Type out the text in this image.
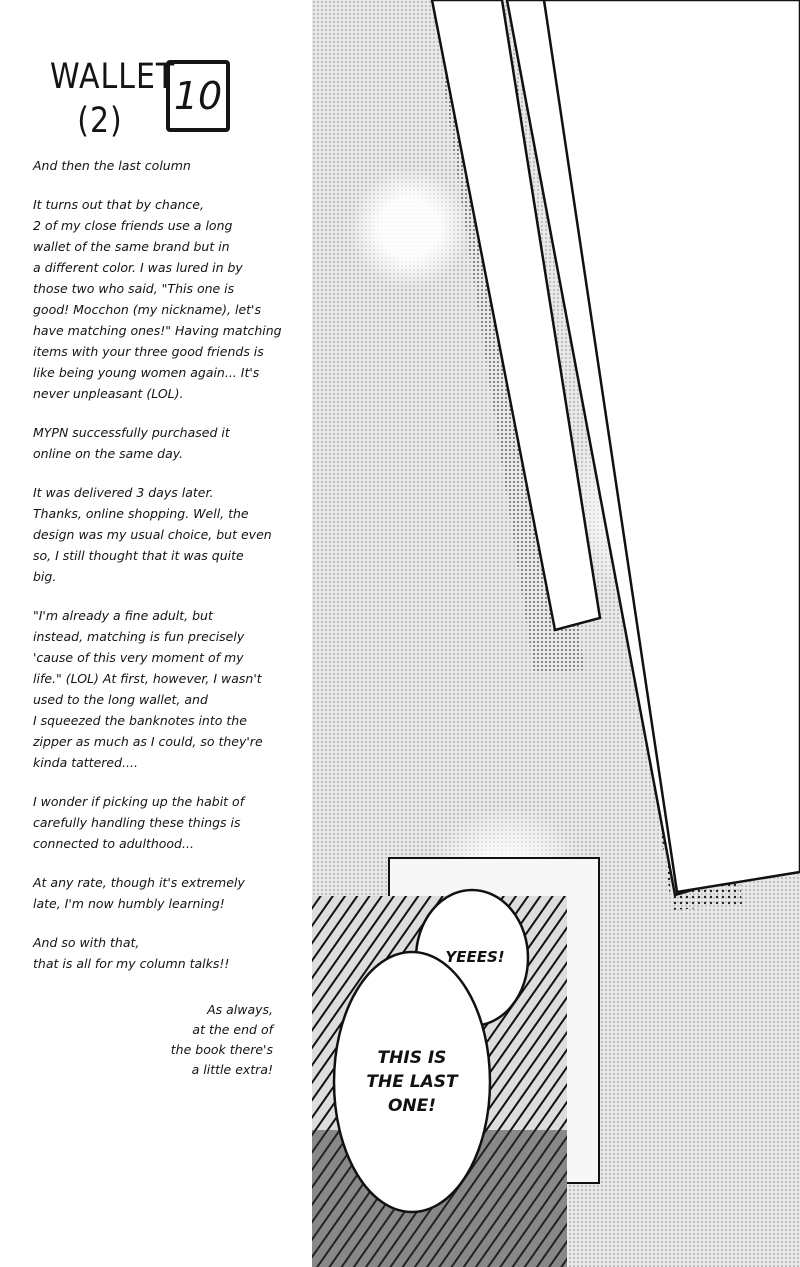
WALLET
(2)
10

And then the last column

It turns out that by chance,
2 of my close friends use a long
wallet of the same brand but in
a different color. I was lured in by
those two who said, "This one is
good! Mocchon (my nickname), let's
have matching ones!" Having matching
items with your three good friends is
like being young women again... It's
never unpleasant (LOL).

MYPN successfully purchased it
online on the same day.

It was delivered 3 days later.
Thanks, online shopping. Well, the
design was my usual choice, but even
so, I still thought that it was quite
big.

"I'm already a fine adult, but
instead, matching is fun precisely
'cause of this very moment of my
life." (LOL) At first, however, I wasn't
used to the long wallet, and
I squeezed the banknotes into the
zipper as much as I could, so they're
kinda tattered....

I wonder if picking up the habit of
carefully handling these things is
connected to adulthood...

At any rate, though it's extremely
late, I'm now humbly learning!

And so with that,
that is all for my column talks!!

As always,
at the end of
the book there's
a little extra!
YEEES!
THIS IS
THE LAST
ONE!
